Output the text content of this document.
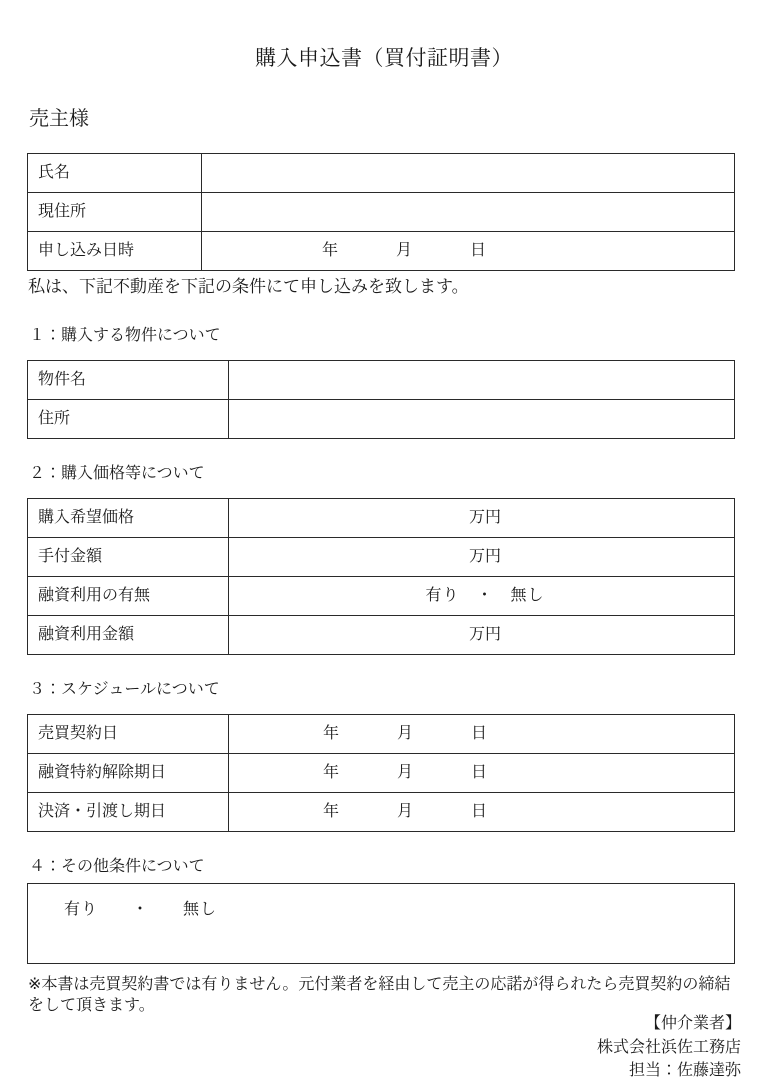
購入申込書（買付証明書）
売主様
氏名	
現住所	
申し込み日時	年 月 日

私は、下記不動産を下記の条件にて申し込みを致します。

１：購入する物件について
物件名	
住所	
２：購入価格等について
購入希望価格	万円

手付金額	万円

融資利用の有無	有り　・　無し

融資利用金額	万円
３：スケジュールについて
売買契約日	年 月 日

融資特約解除期日	年 月 日

決済・引渡し期日	年 月 日
４：その他条件について
有り　　・　　無し

※本書は売買契約書では有りません。元付業者を経由して売主の応諾が得られたら売買契約の締結をして頂きます。

【仲介業者】
株式会社浜佐工務店
担当：佐藤達弥
